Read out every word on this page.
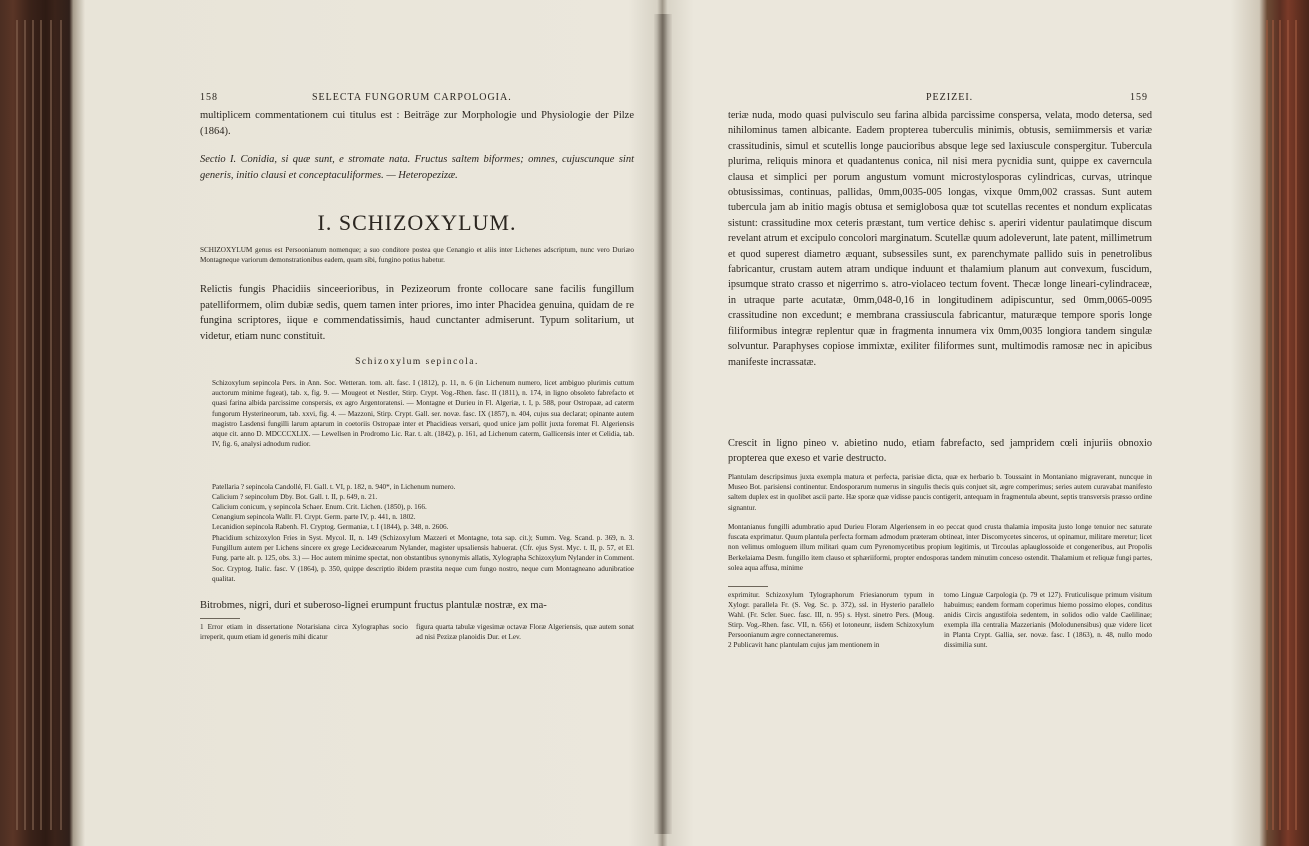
158	SELECTA FUNGORUM CARPOLOGIA.

multiplicem commentationem cui titulus est : Beiträge zur Morphologie und Physiologie der Pilze (1864).

Sectio I. Conidia, si quæ sunt, e stromate nata. Fructus saltem biformes; omnes, cujuscunque sint generis, initio clausi et conceptaculiformes. — Heteropezizæ.

I. SCHIZOXYLUM.

SCHIZOXYLUM genus est Persoonianum nomenque; a suo conditore postea que Cenangio et aliis inter Lichenes adscriptum, nunc vero Duriæo Montagneque variorum demonstrationibus eadem, quam sibi, fungino potius habetur.

Relictis fungis Phacidiis sinceerioribus, in Pezizeorum fronte collocare sane facilis fungillum patelliformem, olim dubiæ sedis, quem tamen inter priores, imo inter Phacidea genuina, quidam de re fungina scriptores, iique e commendatissimis, haud cunctanter admiserunt. Typum solitarium, ut videtur, etiam nunc constituit.

Schizoxylum sepincola.

Schizoxylum sepincola Pers. in Ann. Soc. Wetteran. tom. alt. fasc. I (1812), p. 11, n. 6 (in Lichenum numero, licet ambiguo plurimis cuttum auctorum minime fugeat), tab. x, fig. 9. — Mougeot et Nestler, Stirp. Crypt. Vog.-Rhen. fasc. II (1811), n. 174, in ligno obsoleto fabrefacto et quasi farina albida parcissime conspersis, ex agro Argentoratensi. — Montagne et Durieu in Fl. Algeriæ, t. I, p. 588, pour Ostropaæ, ad caterm fungorum Hysterineorum, tab. xxvi, fig. 4. — Mazzoni, Stirp. Crypt. Gall. ser. novæ. fasc. IX (1857), n. 404, cujus sua declarat; opinante autem magistro Lasdensi fungilli larum aptarum in coetoriis Ostropaæ inter et Phacidieas versari, quod unice jam pollit juxta foremat Fl. Algeriensis atque cit. anno D. MDCCCXLIX. — Lewellsen in Prodromo Lic. Rar. t. alt. (1842), p. 161, ad Lichenum caterm, Gallicensis inter et Celidia, tab. IV, fig. 6, analysi adnodum rudior.

Patellaria ? sepincola Candollé, Fl. Gall. t. VI, p. 182, n. 940*, in Lichenum numero.

Calicium ? sepincolum Dby. Bot. Gall. t. II, p. 649, n. 21.

Calicium conicum, γ sepincola Schaer. Enum. Crit. Lichen. (1850), p. 166.

Cenangium sepincola Wallr. Fl. Crypt. Germ. parte IV, p. 441, n. 1802.

Lecanidion sepincola Rabenh. Fl. Cryptog. Germaniæ, t. I (1844), p. 348, n. 2606.

Phacidium schizoxylon Fries in Syst. Mycol. II, n. 149 (Schizoxylum Mazzeri et Montagne, tota sap. cit.); Summ. Veg. Scand. p. 369, n. 3. Fungillum autem per Lichens sincere ex grege Lecideæcearum Nylander, magister upsaliensis habuerat. (Cfr. ejus Syst. Myc. t. II, p. 57, et El. Fung. parte alt. p. 125, obs. 3.) — Hoc autem minime spectat, non obstantibus synonymis allatis, Xylographa Schizoxylum Nylander in Comment. Soc. Cryptog. Italic. fasc. V (1864), p. 350, quippe descriptio ibidem præstita neque cum fungo nostro, neque cum Montagneano adunibratioe qualitat.

Bitrobmes, nigri, duri et suberoso-lignei erumpunt fructus plantulæ nostræ, ex ma-

1 Error etiam in dissertatione Notarisiana circa Xylographas socio irreperit, quum etiam id generis mihi dicatur

figura quarta tabulæ vigesimæ octavæ Floræ Algeriensis, quæ autem sonat ad nisi Pezizæ planoidis Dur. et Lev.

PEZIZEI.	159

teriæ nuda, modo quasi pulvisculo seu farina albida parcissime conspersa, velata, modo detersa, sed nihilominus tamen albicante. Eadem propterea tuberculis minimis, obtusis, semiimmersis et variæ crassitudinis, simul et scutellis longe paucioribus absque lege sed laxiuscule conspergitur. Tubercula plurima, reliquis minora et quadantenus conica, nil nisi mera pycnidia sunt, quippe ex caverncula clausa et simplici per porum angustum vomunt microstylosporas cylindricas, curvas, utrinque obtusissimas, continuas, pallidas, 0mm,0035-005 longas, vixque 0mm,002 crassas. Sunt autem tubercula jam ab initio magis obtusa et semiglobosa quæ tot scutellas recentes et nondum explicatas sistunt: crassitudine mox ceteris præstant, tum vertice dehisc s. aperiri videntur paulatimque discum revelant atrum et excipulo concolori marginatum. Scutellæ quum adoleverunt, late patent, millimetrum et quod superest diametro æquant, subsessiles sunt, ex parenchymate pallido suis in penetrolibus fabricantur, crustam autem atram undique induunt et thalamium planum aut convexum, fuscidum, ipsumque strato crasso et nigerrimo s. atro-violaceo tectum fovent. Thecæ longe lineari-cylindraceæ, in utraque parte acutatæ, 0mm,048-0,16 in longitudinem adipiscuntur, sed 0mm,0065-0095 crassitudine non excedunt; e membrana crassiuscula fabricantur, maturæque tempore sporis longe filiformibus integræ replentur quæ in fragmenta innumera vix 0mm,0035 longiora tandem singulæ solvuntur. Paraphyses copiose immixtæ, exiliter filiformes sunt, multimodis ramosæ nec in apicibus manifeste incrassatæ.

Crescit in ligno pineo v. abietino nudo, etiam fabrefacto, sed jampridem cœli injuriis obnoxio propterea que exeso et varie destructo.

Plantulam descripsimus juxta exempla matura et perfecta, parisiae dicta, quæ ex herbario b. Toussaint in Montaniano migraverant, nuncque in Museo Bot. parisiensi continentur. Endosporarum numerus in singulis thecis quis conjuet sit, ægre comperimus; series autem curavabat manifesto saltem duplex est in quolibet ascii parte. Hæ sporæ quæ vidisse paucis contigerit, antequam in fragmentula abeunt, septis transversis præsso ordine signantur.

Montanianus fungilli adumbratio apud Durieu Floram Algeriensem in eo peccat quod crusta thalamia imposita justo longe tenuior nec saturate fuscata exprimatur. Quum plantula perfecta formam admodum præteram obtineat, inter Discomycetes sinceros, ut opinamur, militare meretur; licet non velimus omloguem illum militari quam cum Pyrenomycetibus propium legitimis, ut Tircoulas aplauglossoide et congeneribus, aut Propolis Berkelaiama Desm. fungillo item clauso et sphæriiformi, propter endosporas tandem minutim conceso ostendit. Thalamium et reliquæ fungi partes, solea aqua affusa, minime

exprimitur. Schizoxylum Tylographorum Friesianorum typum in Xylogr. parallela Fr. (S. Veg. Sc. p. 372), ssl. in Hysterio parallelo Wahl. (Fr. Scler. Suec. fasc. III, n. 95) s. Hyst. sinetro Pers. (Moug. Stirp. Vog.-Rhen. fasc. VII, n. 656) et lotoneunr, iisdem Schizoxylum Persoonianum ægre connectaneremus.

2 Publicavit hanc plantulam cujus jam mentionem in

tomo Linguæ Carpologia (p. 79 et 127). Fruticulisque primum visitum habuimus; eandem formam coperimus hiemo possimo elopes, conditus anidis Circis angustifoia sedentem, in solidos odio valde Caelilinae; exempla illa centralia Mazzerianis (Molodunensibus) quæ videre licet in Planta Crypt. Gallia, ser. novæ. fasc. I (1863), n. 48, nullo modo dissimilia sunt.
